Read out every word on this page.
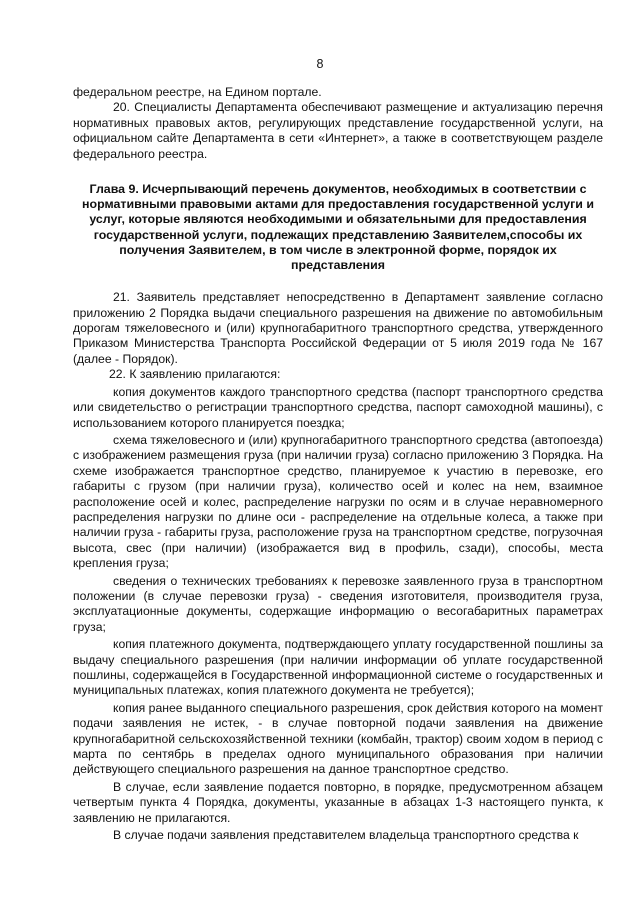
8

федеральном реестре, на Едином портале.

20. Специалисты Департамента обеспечивают размещение и актуализацию перечня нормативных правовых актов, регулирующих представление государственной услуги, на официальном сайте Департамента в сети «Интернет», а также в соответствующем разделе федерального реестра.

Глава 9. Исчерпывающий перечень документов, необходимых в соответствии с нормативными правовыми актами для предоставления государственной услуги и услуг, которые являются необходимыми и обязательными для предоставления государственной услуги, подлежащих представлению Заявителем,способы их получения Заявителем, в том числе в электронной форме, порядок их представления

21. Заявитель представляет непосредственно в Департамент заявление согласно приложению 2 Порядка выдачи специального разрешения на движение по автомобильным дорогам тяжеловесного и (или) крупногабаритного транспортного средства, утвержденного Приказом Министерства Транспорта Российской Федерации от 5 июля 2019 года № 167 (далее - Порядок).

22. К заявлению прилагаются:

копия документов каждого транспортного средства (паспорт транспортного средства или свидетельство о регистрации транспортного средства, паспорт самоходной машины), с использованием которого планируется поездка;

схема тяжеловесного и (или) крупногабаритного транспортного средства (автопоезда) с изображением размещения груза (при наличии груза) согласно приложению 3 Порядка. На схеме изображается транспортное средство, планируемое к участию в перевозке, его габариты с грузом (при наличии груза), количество осей и колес на нем, взаимное расположение осей и колес, распределение нагрузки по осям и в случае неравномерного распределения нагрузки по длине оси - распределение на отдельные колеса, а также при наличии груза - габариты груза, расположение груза на транспортном средстве, погрузочная высота, свес (при наличии) (изображается вид в профиль, сзади), способы, места крепления груза;

сведения о технических требованиях к перевозке заявленного груза в транспортном положении (в случае перевозки груза) - сведения изготовителя, производителя груза, эксплуатационные документы, содержащие информацию о весогабаритных параметрах груза;

копия платежного документа, подтверждающего уплату государственной пошлины за выдачу специального разрешения (при наличии информации об уплате государственной пошлины, содержащейся в Государственной информационной системе о государственных и муниципальных платежах, копия платежного документа не требуется);

копия ранее выданного специального разрешения, срок действия которого на момент подачи заявления не истек, - в случае повторной подачи заявления на движение крупногабаритной сельскохозяйственной техники (комбайн, трактор) своим ходом в период с марта по сентябрь в пределах одного муниципального образования при наличии действующего специального разрешения на данное транспортное средство.

В случае, если заявление подается повторно, в порядке, предусмотренном абзацем четвертым пункта 4 Порядка, документы, указанные в абзацах 1-3 настоящего пункта, к заявлению не прилагаются.

В случае подачи заявления представителем владельца транспортного средства к
